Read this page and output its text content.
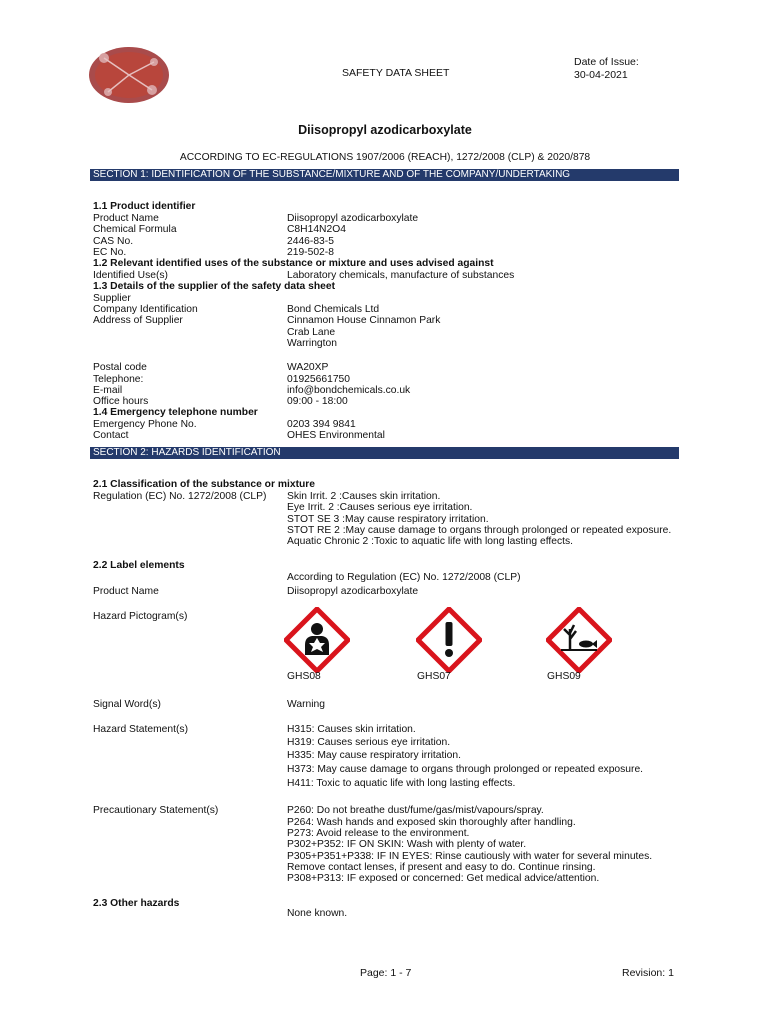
SAFETY DATA SHEET
Date of Issue:
30-04-2021
Diisopropyl azodicarboxylate
ACCORDING TO EC-REGULATIONS 1907/2006 (REACH), 1272/2008 (CLP) & 2020/878
SECTION 1: IDENTIFICATION OF THE SUBSTANCE/MIXTURE AND OF THE COMPANY/UNDERTAKING
1.1 Product identifier
Product Name	Diisopropyl azodicarboxylate
Chemical Formula	C8H14N2O4
CAS No.	2446-83-5
EC No.	219-502-8
1.2 Relevant identified uses of the substance or mixture and uses advised against
Identified Use(s)	Laboratory chemicals, manufacture of substances
1.3 Details of the supplier of the safety data sheet
Supplier
Company Identification	Bond Chemicals Ltd
Address of Supplier	Cinnamon House Cinnamon Park
Crab Lane
Warrington
Postal code	WA20XP
Telephone:	01925661750
E-mail	info@bondchemicals.co.uk
Office hours	09:00 - 18:00
1.4 Emergency telephone number
Emergency Phone No.	0203 394 9841
Contact	OHES Environmental
SECTION 2: HAZARDS IDENTIFICATION
2.1 Classification of the substance or mixture
Regulation (EC) No. 1272/2008 (CLP) Skin Irrit. 2 :Causes skin irritation.
Eye Irrit. 2 :Causes serious eye irritation.
STOT SE 3 :May cause respiratory irritation.
STOT RE 2 :May cause damage to organs through prolonged or repeated exposure.
Aquatic Chronic 2 :Toxic to aquatic life with long lasting effects.
2.2 Label elements
According to Regulation (EC) No. 1272/2008 (CLP)
Product Name	Diisopropyl azodicarboxylate
Hazard Pictogram(s)
GHS08	GHS07	GHS09
Signal Word(s)	Warning
Hazard Statement(s)	H315: Causes skin irritation.
H319: Causes serious eye irritation.
H335: May cause respiratory irritation.
H373: May cause damage to organs through prolonged or repeated exposure.
H411: Toxic to aquatic life with long lasting effects.
Precautionary Statement(s)	P260: Do not breathe dust/fume/gas/mist/vapours/spray.
P264: Wash hands and exposed skin thoroughly after handling.
P273: Avoid release to the environment.
P302+P352: IF ON SKIN: Wash with plenty of water.
P305+P351+P338: IF IN EYES: Rinse cautiously with water for several minutes.
Remove contact lenses, if present and easy to do. Continue rinsing.
P308+P313: IF exposed or concerned: Get medical advice/attention.
2.3 Other hazards
None known.
Page: 1 - 7	Revision: 1
